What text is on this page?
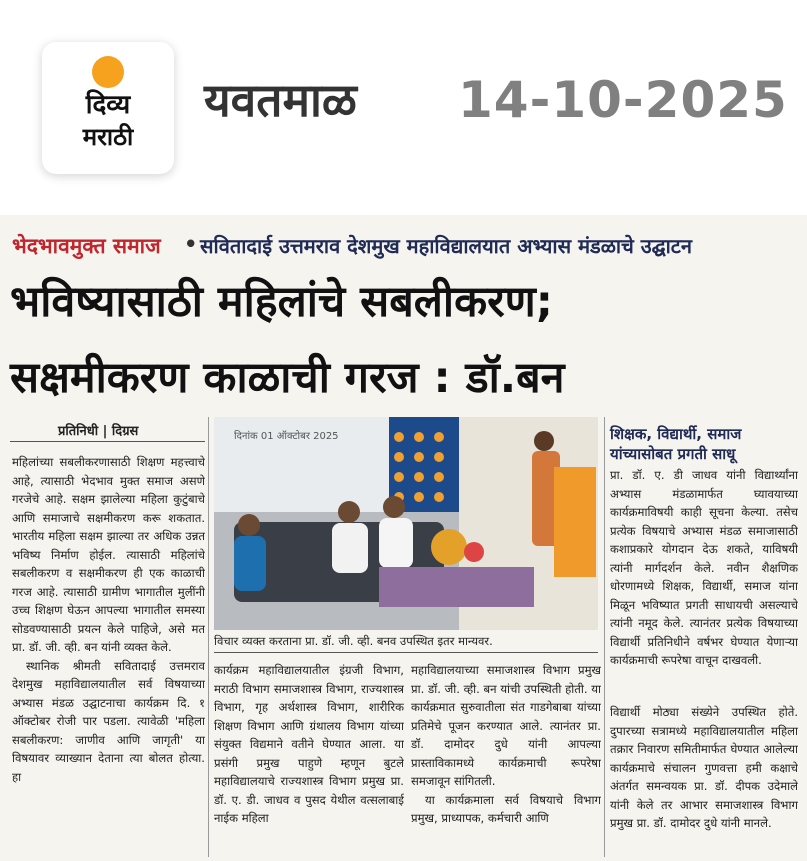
दिव्य
मराठी
यवतमाळ 14-10-2025
भेदभावमुक्त समाज • सवितादाई उत्तमराव देशमुख महाविद्यालयात अभ्यास मंडळाचे उद्घाटन
भविष्यासाठी महिलांचे सबलीकरण;
सक्षमीकरण काळाची गरज : डॉ.बन
प्रतिनिधी | दिग्रस

महिलांच्या सबलीकरणासाठी शिक्षण महत्त्वाचे आहे, त्यासाठी भेदभाव मुक्त समाज असणे गरजेचे आहे. सक्षम झालेल्या महिला कुटुंबाचे आणि समाजाचे सक्षमीकरण करू शकतात. भारतीय महिला सक्षम झाल्या तर अधिक उन्नत भविष्य निर्माण होईल. त्यासाठी महिलांचे सबलीकरण व सक्षमीकरण ही एक काळाची गरज आहे. त्यासाठी ग्रामीण भागातील मुलींनी उच्च शिक्षण घेऊन आपल्या भागातील समस्या सोडवण्यासाठी प्रयत्न केले पाहिजे, असे मत प्रा. डॉ. जी. व्ही. बन यांनी व्यक्त केले.

स्थानिक श्रीमती सवितादाई उत्तमराव देशमुख महाविद्यालयातील सर्व विषयाच्या अभ्यास मंडळ उद्घाटनाचा कार्यक्रम दि. १ ऑक्टोबर रोजी पार पडला. त्यावेळी 'महिला सबलीकरण: जाणीव आणि जागृती' या विषयावर व्याख्यान देताना त्या बोलत होत्या. हा

दिनांक 01 ऑक्टोबर 2025
विचार व्यक्त करताना प्रा. डॉ. जी. व्ही. बनव उपस्थित इतर मान्यवर.

कार्यक्रम महाविद्यालयातील इंग्रजी विभाग, मराठी विभाग समाजशास्त्र विभाग, राज्यशास्त्र विभाग, गृह अर्थशास्त्र विभाग, शारीरिक शिक्षण विभाग आणि ग्रंथालय विभाग यांच्या संयुक्त विद्यमाने वतीने घेण्यात आला. या प्रसंगी प्रमुख पाहुणे म्हणून बुटले महाविद्यालयाचे राज्यशास्त्र विभाग प्रमुख प्रा. डॉ. ए. डी. जाधव व पुसद येथील वत्सलाबाई नाईक महिला

महाविद्यालयाच्या समाजशास्त्र विभाग प्रमुख प्रा. डॉ. जी. व्ही. बन यांची उपस्थिती होती. या कार्यक्रमात सुरुवातीला संत गाडगेबाबा यांच्या प्रतिमेचे पूजन करण्यात आले. त्यानंतर प्रा. डॉ. दामोदर दुधे यांनी आपल्या प्रास्ताविकामध्ये कार्यक्रमाची रूपरेषा समजावून सांगितली.

या कार्यक्रमाला सर्व विषयाचे विभाग प्रमुख, प्राध्यापक, कर्मचारी आणि

शिक्षक, विद्यार्थी, समाज यांच्यासोबत प्रगती साधू

प्रा. डॉ. ए. डी जाधव यांनी विद्यार्थ्यांना अभ्यास मंडळामार्फत घ्यावयाच्या कार्यक्रमाविषयी काही सूचना केल्या. तसेच प्रत्येक विषयाचे अभ्यास मंडळ समाजासाठी कशाप्रकारे योगदान देऊ शकते, याविषयी त्यांनी मार्गदर्शन केले. नवीन शैक्षणिक धोरणामध्ये शिक्षक, विद्यार्थी, समाज यांना मिळून भविष्यात प्रगती साधायची असल्याचे त्यांनी नमूद केले. त्यानंतर प्रत्येक विषयाच्या विद्यार्थी प्रतिनिधीने वर्षभर घेण्यात येणाऱ्या कार्यक्रमाची रूपरेषा वाचून दाखवली.

विद्यार्थी मोठ्या संख्येने उपस्थित होते. दुपारच्या सत्रामध्ये महाविद्यालयातील महिला तक्रार निवारण समितीमार्फत घेण्यात आलेल्या कार्यक्रमाचे संचालन गुणवत्ता हमी कक्षाचे अंतर्गत समन्वयक प्रा. डॉ. दीपक उदेमाले यांनी केले तर आभार समाजशास्त्र विभाग प्रमुख प्रा. डॉ. दामोदर दुधे यांनी मानले.
